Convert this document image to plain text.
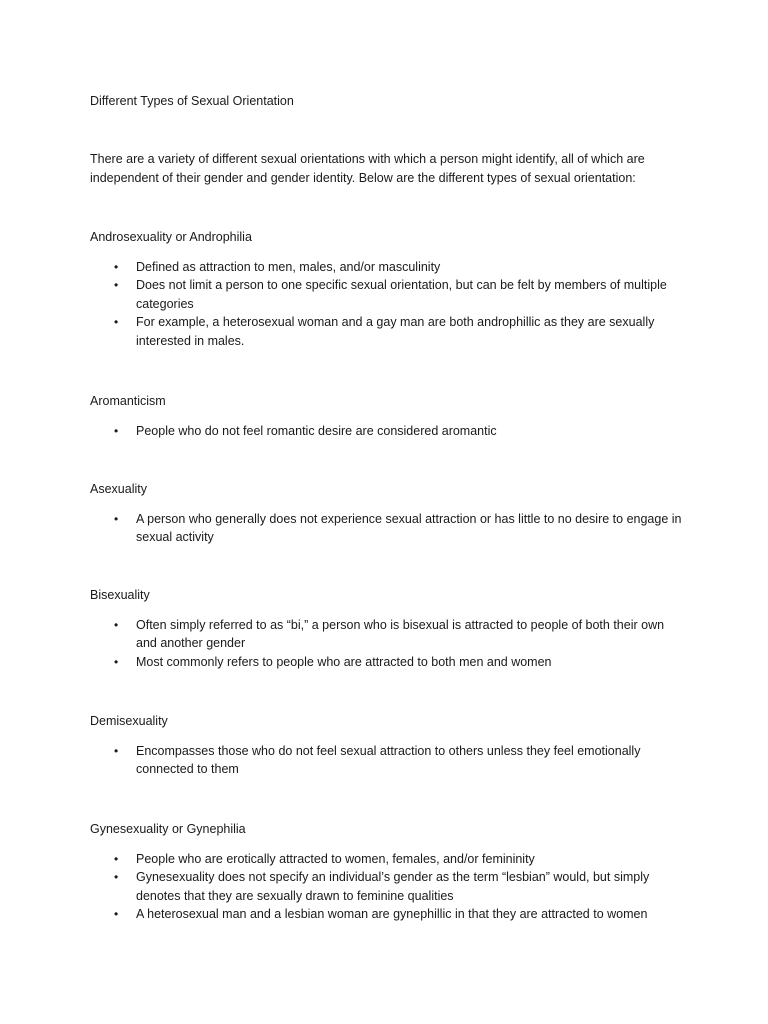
Different Types of Sexual Orientation

There are a variety of different sexual orientations with which a person might identify, all of which are independent of their gender and gender identity. Below are the different types of sexual orientation:

Androsexuality or Androphilia
• Defined as attraction to men, males, and/or masculinity
• Does not limit a person to one specific sexual orientation, but can be felt by members of multiple categories
• For example, a heterosexual woman and a gay man are both androphillic as they are sexually interested in males.
Aromanticism
• People who do not feel romantic desire are considered aromantic
Asexuality
• A person who generally does not experience sexual attraction or has little to no desire to engage in sexual activity
Bisexuality
• Often simply referred to as “bi,” a person who is bisexual is attracted to people of both their own and another gender
• Most commonly refers to people who are attracted to both men and women
Demisexuality
• Encompasses those who do not feel sexual attraction to others unless they feel emotionally connected to them
Gynesexuality or Gynephilia
• People who are erotically attracted to women, females, and/or femininity
• Gynesexuality does not specify an individual’s gender as the term “lesbian” would, but simply denotes that they are sexually drawn to feminine qualities
• A heterosexual man and a lesbian woman are gynephillic in that they are attracted to women
